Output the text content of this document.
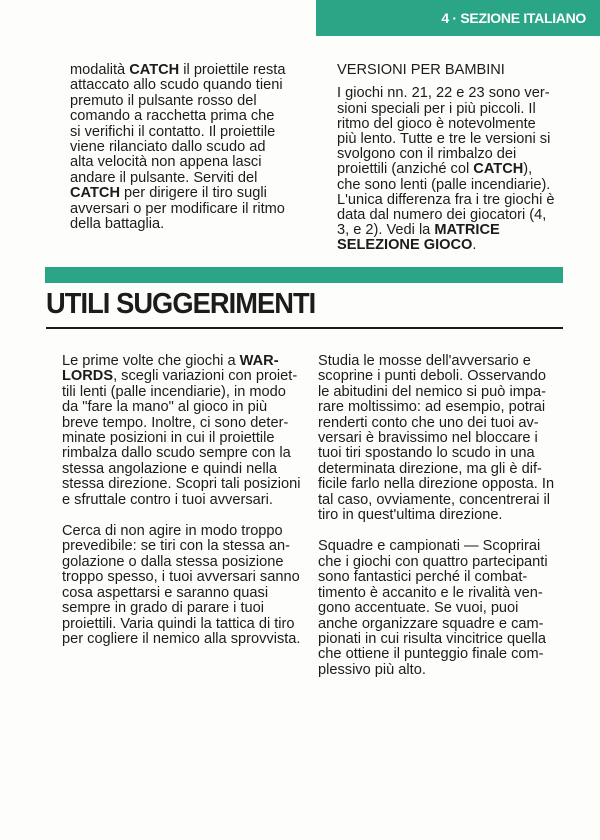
4 · SEZIONE ITALIANO
modalità CATCH il proiettile resta
attaccato allo scudo quando tieni
premuto il pulsante rosso del
comando a racchetta prima che
si verifichi il contatto. Il proiettile
viene rilanciato dallo scudo ad
alta velocità non appena lasci
andare il pulsante. Serviti del
CATCH per dirigere il tiro sugli
avversari o per modificare il ritmo
della battaglia.
VERSIONI PER BAMBINI
I giochi nn. 21, 22 e 23 sono ver-
sioni speciali per i più piccoli. Il
ritmo del gioco è notevolmente
più lento. Tutte e tre le versioni si
svolgono con il rimbalzo dei
proiettili (anziché col CATCH),
che sono lenti (palle incendiarie).
L'unica differenza fra i tre giochi è
data dal numero dei giocatori (4,
3, e 2). Vedi la MATRICE
SELEZIONE GIOCO.
UTILI SUGGERIMENTI
Le prime volte che giochi a WAR-
LORDS, scegli variazioni con proiet-
tili lenti (palle incendiarie), in modo
da "fare la mano" al gioco in più
breve tempo. Inoltre, ci sono deter-
minate posizioni in cui il proiettile
rimbalza dallo scudo sempre con la
stessa angolazione e quindi nella
stessa direzione. Scopri tali posizioni
e sfruttale contro i tuoi avversari.
Cerca di non agire in modo troppo
prevedibile: se tiri con la stessa an-
golazione o dalla stessa posizione
troppo spesso, i tuoi avversari sanno
cosa aspettarsi e saranno quasi
sempre in grado di parare i tuoi
proiettili. Varia quindi la tattica di tiro
per cogliere il nemico alla sprovvista.
Studia le mosse dell'avversario e
scoprine i punti deboli. Osservando
le abitudini del nemico si può impa-
rare moltissimo: ad esempio, potrai
renderti conto che uno dei tuoi av-
versari è bravissimo nel bloccare i
tuoi tiri spostando lo scudo in una
determinata direzione, ma gli è dif-
ficile farlo nella direzione opposta. In
tal caso, ovviamente, concentrerai il
tiro in quest'ultima direzione.
Squadre e campionati — Scoprirai
che i giochi con quattro partecipanti
sono fantastici perché il combat-
timento è accanito e le rivalità ven-
gono accentuate. Se vuoi, puoi
anche organizzare squadre e cam-
pionati in cui risulta vincitrice quella
che ottiene il punteggio finale com-
plessivo più alto.
